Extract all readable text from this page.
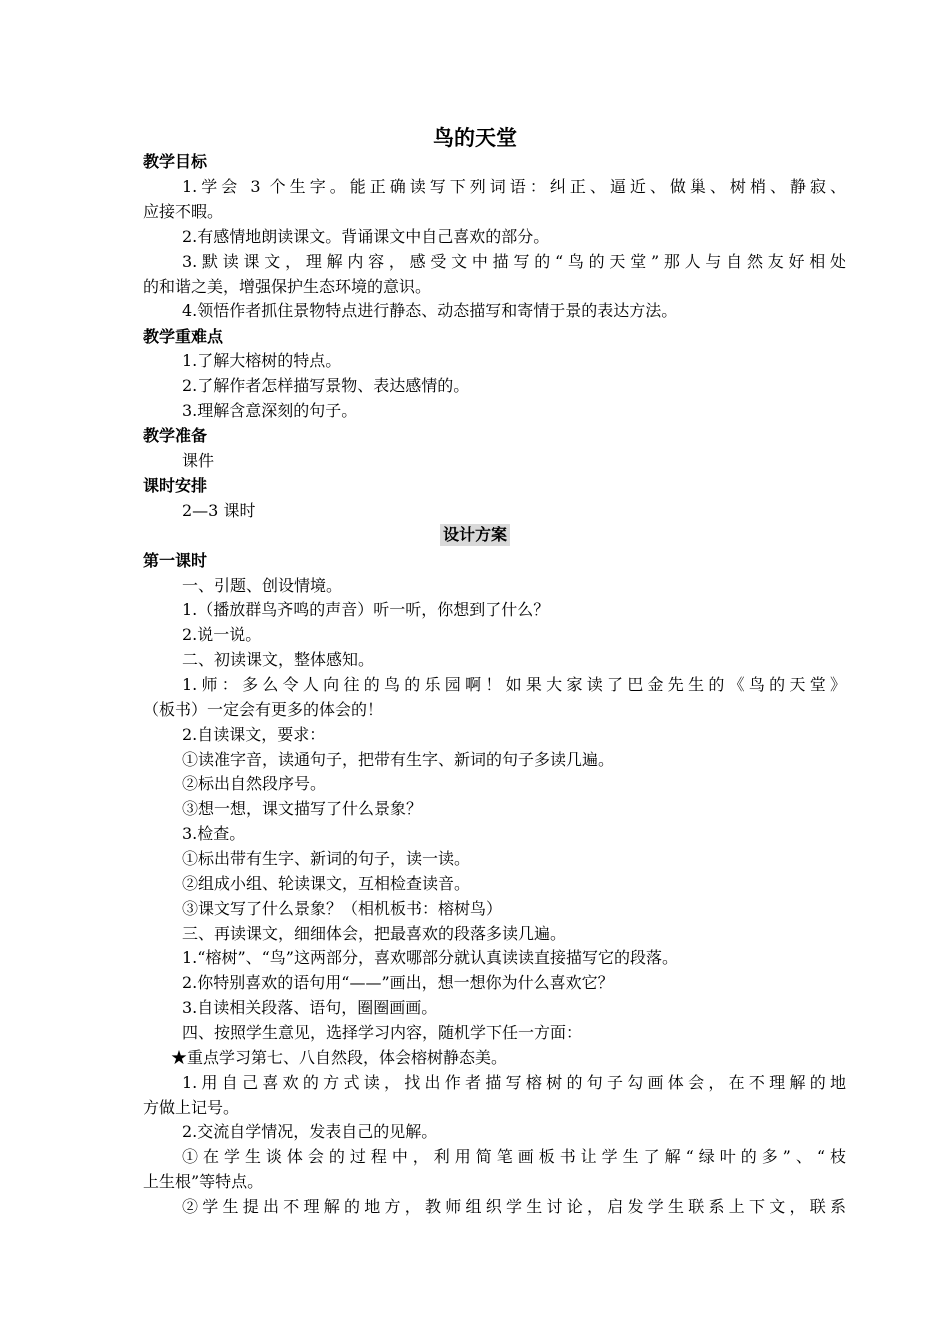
鸟的天堂
教学目标
1.学会 3 个生字。能正确读写下列词语：纠正、逼近、做巢、树梢、静寂、
应接不暇。
2.有感情地朗读课文。背诵课文中自己喜欢的部分。
3.默读课文，理解内容，感受文中描写的“鸟的天堂”那人与自然友好相处
的和谐之美，增强保护生态环境的意识。
4.领悟作者抓住景物特点进行静态、动态描写和寄情于景的表达方法。
教学重难点
1.了解大榕树的特点。
2.了解作者怎样描写景物、表达感情的。
3.理解含意深刻的句子。
教学准备
课件
课时安排
2—3 课时
设计方案
第一课时
一、引题、创设情境。
1.（播放群鸟齐鸣的声音）听一听，你想到了什么？
2.说一说。
二、初读课文，整体感知。
1.师：多么令人向往的鸟的乐园啊！如果大家读了巴金先生的《鸟的天堂》
（板书）一定会有更多的体会的！
2.自读课文，要求：
①读准字音，读通句子，把带有生字、新词的句子多读几遍。
②标出自然段序号。
③想一想，课文描写了什么景象？
3.检查。
①标出带有生字、新词的句子，读一读。
②组成小组、轮读课文，互相检查读音。
③课文写了什么景象？（相机板书：榕树鸟）
三、再读课文，细细体会，把最喜欢的段落多读几遍。
1.“榕树”、“鸟”这两部分，喜欢哪部分就认真读读直接描写它的段落。
2.你特别喜欢的语句用“——”画出，想一想你为什么喜欢它？
3.自读相关段落、语句，圈圈画画。
四、按照学生意见，选择学习内容，随机学下任一方面：
★重点学习第七、八自然段，体会榕树静态美。
1.用自己喜欢的方式读，找出作者描写榕树的句子勾画体会，在不理解的地
方做上记号。
2.交流自学情况，发表自己的见解。
①在学生谈体会的过程中，利用简笔画板书让学生了解“绿叶的多”、“枝
上生根”等特点。
②学生提出不理解的地方，教师组织学生讨论，启发学生联系上下文，联系
